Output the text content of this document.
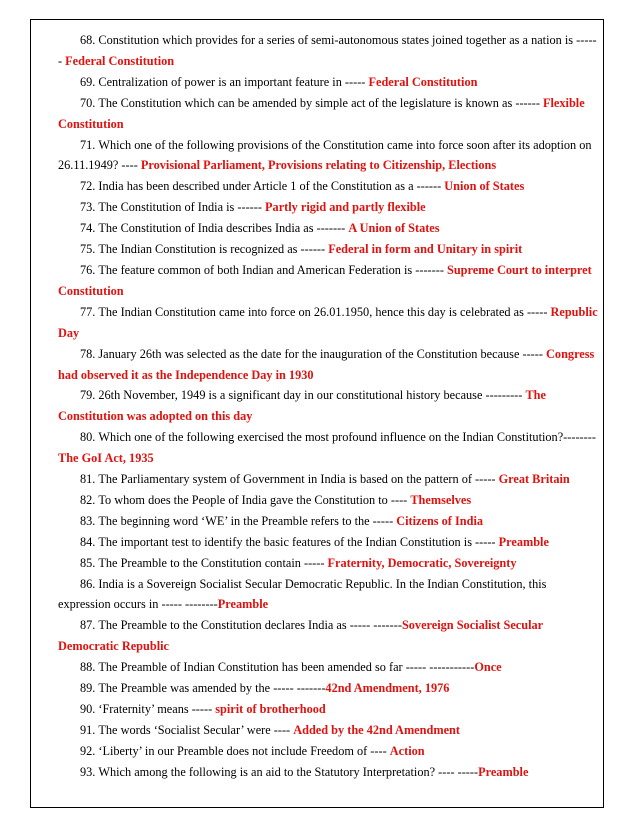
68. Constitution which provides for a series of semi-autonomous states joined together as a nation is ------ Federal Constitution

69. Centralization of power is an important feature in ----- Federal Constitution

70. The Constitution which can be amended by simple act of the legislature is known as ------ Flexible Constitution

71. Which one of the following provisions of the Constitution came into force soon after its adoption on 26.11.1949? ---- Provisional Parliament, Provisions relating to Citizenship, Elections

72. India has been described under Article 1 of the Constitution as a ------ Union of States

73. The Constitution of India is ------ Partly rigid and partly flexible

74. The Constitution of India describes India as ------- A Union of States

75. The Indian Constitution is recognized as ------ Federal in form and Unitary in spirit

76. The feature common of both Indian and American Federation is ------- Supreme Court to interpret Constitution

77. The Indian Constitution came into force on 26.01.1950, hence this day is celebrated as ----- Republic Day

78. January 26th was selected as the date for the inauguration of the Constitution because ----- Congress had observed it as the Independence Day in 1930

79. 26th November, 1949 is a significant day in our constitutional history because --------- The Constitution was adopted on this day

80. Which one of the following exercised the most profound influence on the Indian Constitution?--------The GoI Act, 1935

81. The Parliamentary system of Government in India is based on the pattern of ----- Great Britain

82. To whom does the People of India gave the Constitution to ---- Themselves

83. The beginning word ‘WE’ in the Preamble refers to the ----- Citizens of India

84. The important test to identify the basic features of the Indian Constitution is ----- Preamble

85. The Preamble to the Constitution contain ----- Fraternity, Democratic, Sovereignty

86. India is a Sovereign Socialist Secular Democratic Republic. In the Indian Constitution, this expression occurs in ----- --------Preamble

87. The Preamble to the Constitution declares India as ----- -------Sovereign Socialist Secular Democratic Republic

88. The Preamble of Indian Constitution has been amended so far ----- -----------Once

89. The Preamble was amended by the ----- -------42nd Amendment, 1976

90. ‘Fraternity’ means ----- spirit of brotherhood

91. The words ‘Socialist Secular’ were ---- Added by the 42nd Amendment

92. ‘Liberty’ in our Preamble does not include Freedom of ---- Action

93. Which among the following is an aid to the Statutory Interpretation? ---- -----Preamble
